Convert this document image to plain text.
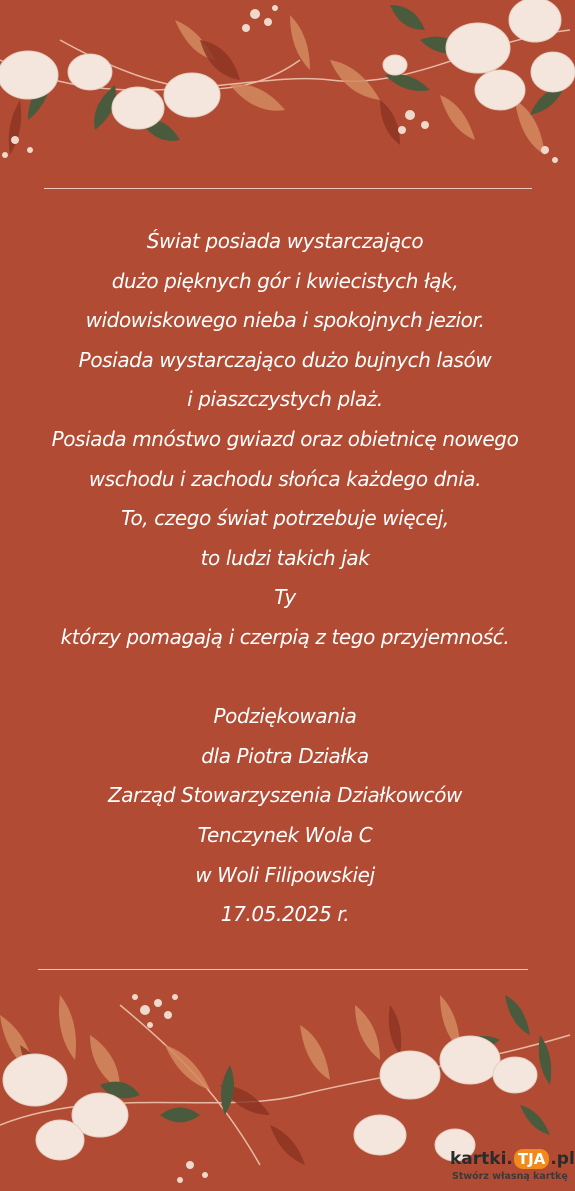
Świat posiada wystarczająco
dużo pięknych gór i kwiecistych łąk,
widowiskowego nieba i spokojnych jezior.
Posiada wystarczająco dużo bujnych lasów
i piaszczystych plaż.
Posiada mnóstwo gwiazd oraz obietnicę nowego
wschodu i zachodu słońca każdego dnia.
To, czego świat potrzebuje więcej,
to ludzi takich jak
Ty
którzy pomagają i czerpią z tego przyjemność.
Podziękowania
dla Piotra Działka
Zarząd Stowarzyszenia Działkowców
Tenczynek Wola C
w Woli Filipowskiej
17.05.2025 r.
kartki. TJA .pl
Stwórz własną kartkę
